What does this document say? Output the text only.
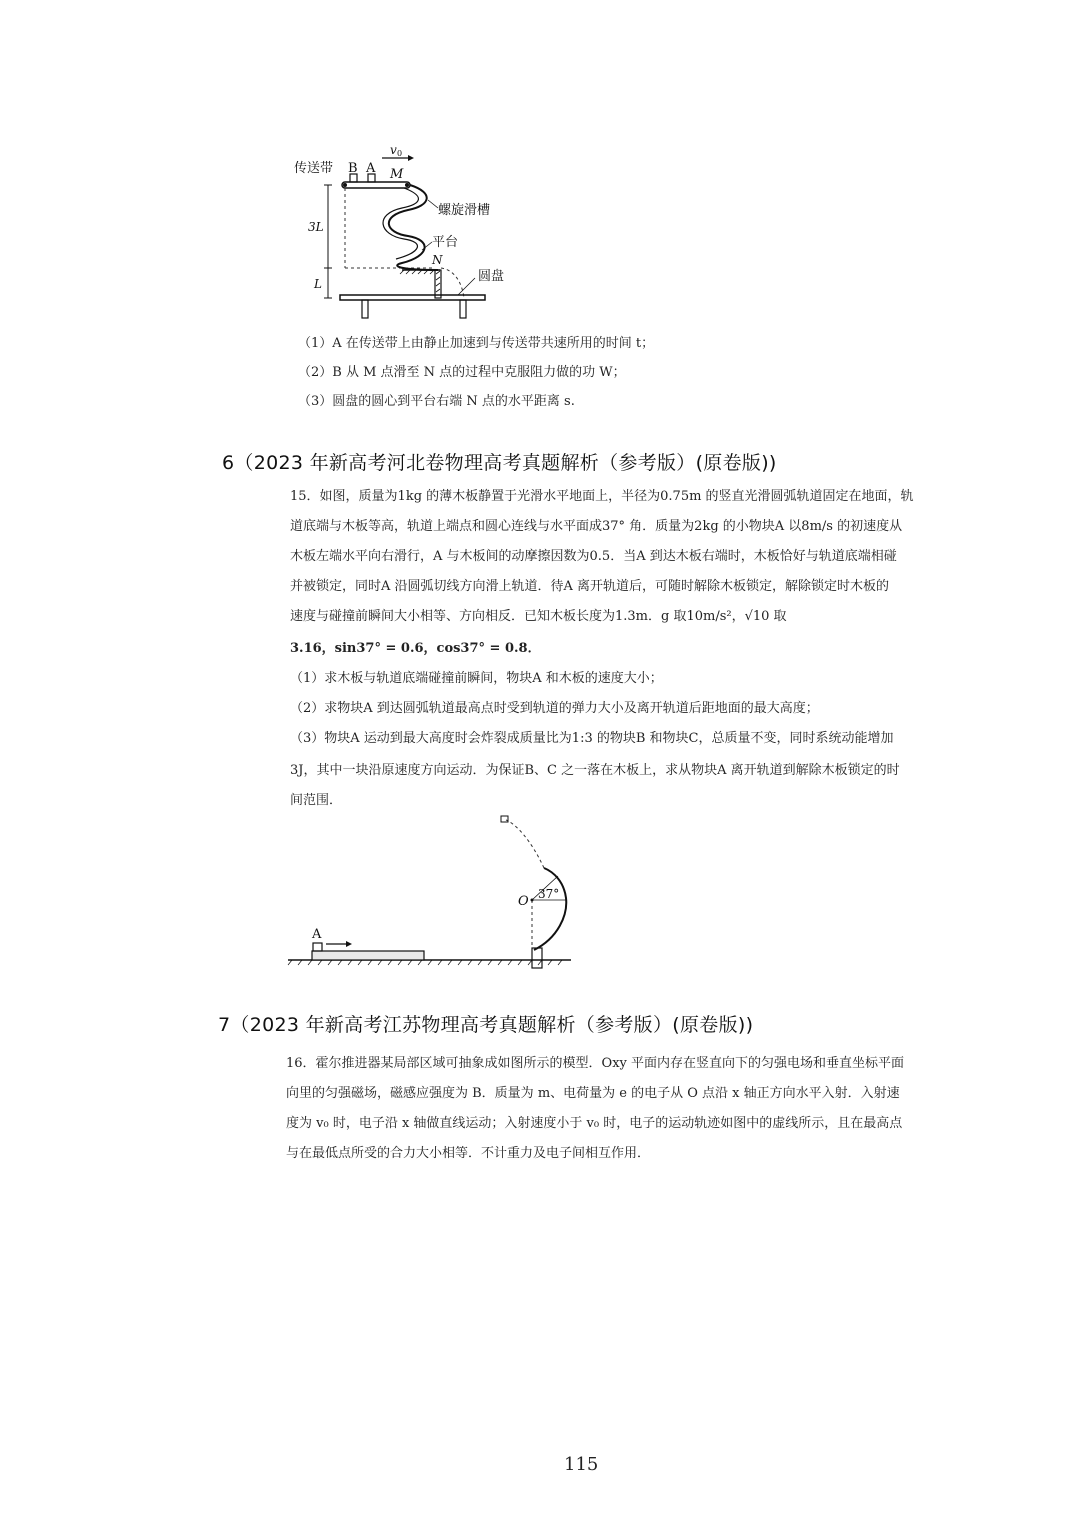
传送带 B A
v 0
M
螺旋滑槽
平台
N
圆盘
3L
L
（1）A 在传送带上由静止加速到与传送带共速所用的时间 t；
（2）B 从 M 点滑至 N 点的过程中克服阻力做的功 W；
（3）圆盘的圆心到平台右端 N 点的水平距离 s.
6（2023 年新高考河北卷物理高考真题解析（参考版）(原卷版))
15．如图，质量为1kg 的薄木板静置于光滑水平地面上，半径为0.75m 的竖直光滑圆弧轨道固定在地面，轨
道底端与木板等高，轨道上端点和圆心连线与水平面成37° 角．质量为2kg 的小物块A 以8m/s 的初速度从
木板左端水平向右滑行，A 与木板间的动摩擦因数为0.5．当A 到达木板右端时，木板恰好与轨道底端相碰
并被锁定，同时A 沿圆弧切线方向滑上轨道．待A 离开轨道后，可随时解除木板锁定，解除锁定时木板的
速度与碰撞前瞬间大小相等、方向相反．已知木板长度为1.3m．g 取10m/s²，√10 取
3.16，sin37° = 0.6，cos37° = 0.8．
（1）求木板与轨道底端碰撞前瞬间，物块A 和木板的速度大小；
（2）求物块A 到达圆弧轨道最高点时受到轨道的弹力大小及离开轨道后距地面的最大高度；
（3）物块A 运动到最大高度时会炸裂成质量比为1:3 的物块B 和物块C，总质量不变，同时系统动能增加
3J，其中一块沿原速度方向运动．为保证B、C 之一落在木板上，求从物块A 离开轨道到解除木板锁定的时
间范围．
A
O 37°
7（2023 年新高考江苏物理高考真题解析（参考版）(原卷版))
16．霍尔推进器某局部区域可抽象成如图所示的模型．Oxy 平面内存在竖直向下的匀强电场和垂直坐标平面
向里的匀强磁场，磁感应强度为 B．质量为 m、电荷量为 e 的电子从 O 点沿 x 轴正方向水平入射．入射速
度为 v₀ 时，电子沿 x 轴做直线运动；入射速度小于 v₀ 时，电子的运动轨迹如图中的虚线所示，且在最高点
与在最低点所受的合力大小相等．不计重力及电子间相互作用．
115
